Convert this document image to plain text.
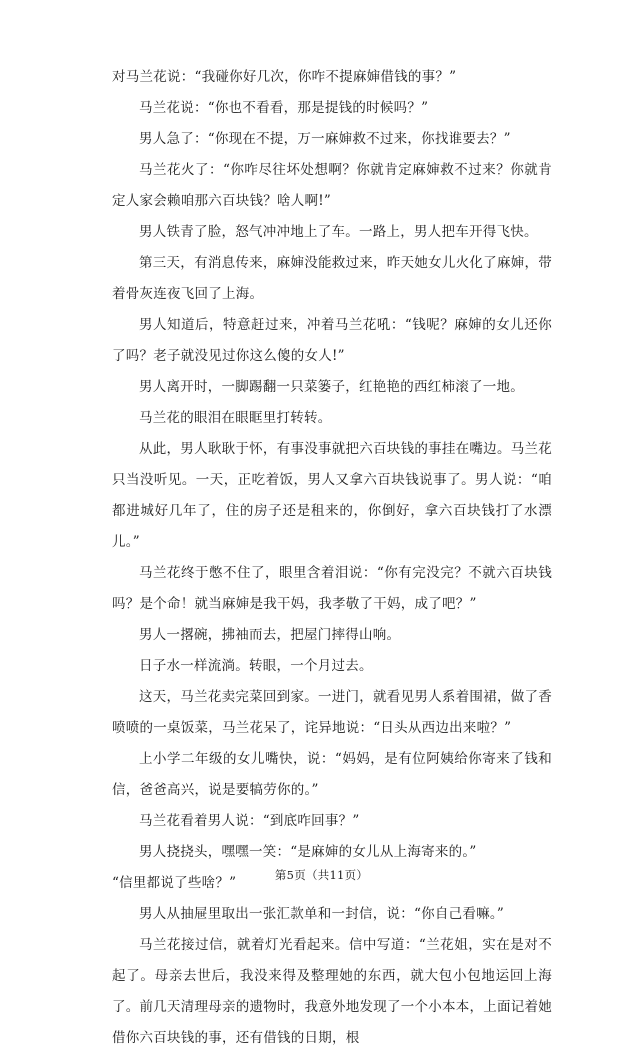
对马兰花说：“我碰你好几次，你咋不提麻婶借钱的事？”

马兰花说：“你也不看看，那是提钱的时候吗？”

男人急了：“你现在不提，万一麻婶救不过来，你找谁要去？”

马兰花火了：“你咋尽往坏处想啊？你就肯定麻婶救不过来？你就肯定人家会赖咱那六百块钱？啥人啊!”

男人铁青了脸，怒气冲冲地上了车。一路上，男人把车开得飞快。

第三天，有消息传来，麻婶没能救过来，昨天她女儿火化了麻婶，带着骨灰连夜飞回了上海。

男人知道后，特意赶过来，冲着马兰花吼：“钱呢？麻婶的女儿还你了吗？老子就没见过你这么傻的女人!”

男人离开时，一脚踢翻一只菜篓子，红艳艳的西红柿滚了一地。

马兰花的眼泪在眼眶里打转转。

从此，男人耿耿于怀，有事没事就把六百块钱的事挂在嘴边。马兰花只当没听见。一天，正吃着饭，男人又拿六百块钱说事了。男人说：“咱都进城好几年了，住的房子还是租来的，你倒好，拿六百块钱打了水漂儿。”

马兰花终于憋不住了，眼里含着泪说：“你有完没完？不就六百块钱吗？是个命！就当麻婶是我干妈，我孝敬了干妈，成了吧？”

男人一撂碗，拂袖而去，把屋门摔得山响。

日子水一样流淌。转眼，一个月过去。

这天，马兰花卖完菜回到家。一进门，就看见男人系着围裙，做了香喷喷的一桌饭菜，马兰花呆了，诧异地说：“日头从西边出来啦？”

上小学二年级的女儿嘴快，说：“妈妈，是有位阿姨给你寄来了钱和信，爸爸高兴，说是要犒劳你的。”

马兰花看着男人说：“到底咋回事？”

男人挠挠头，嘿嘿一笑：“是麻婶的女儿从上海寄来的。”

“信里都说了些啥？”

男人从抽屉里取出一张汇款单和一封信，说：“你自己看嘛。”

马兰花接过信，就着灯光看起来。信中写道：“兰花姐，实在是对不起了。母亲去世后，我没来得及整理她的东西，就大包小包地运回上海了。前几天清理母亲的遗物时，我意外地发现了一个小本本，上面记着她借你六百块钱的事，还有借钱的日期，根

第5页（共11页）
